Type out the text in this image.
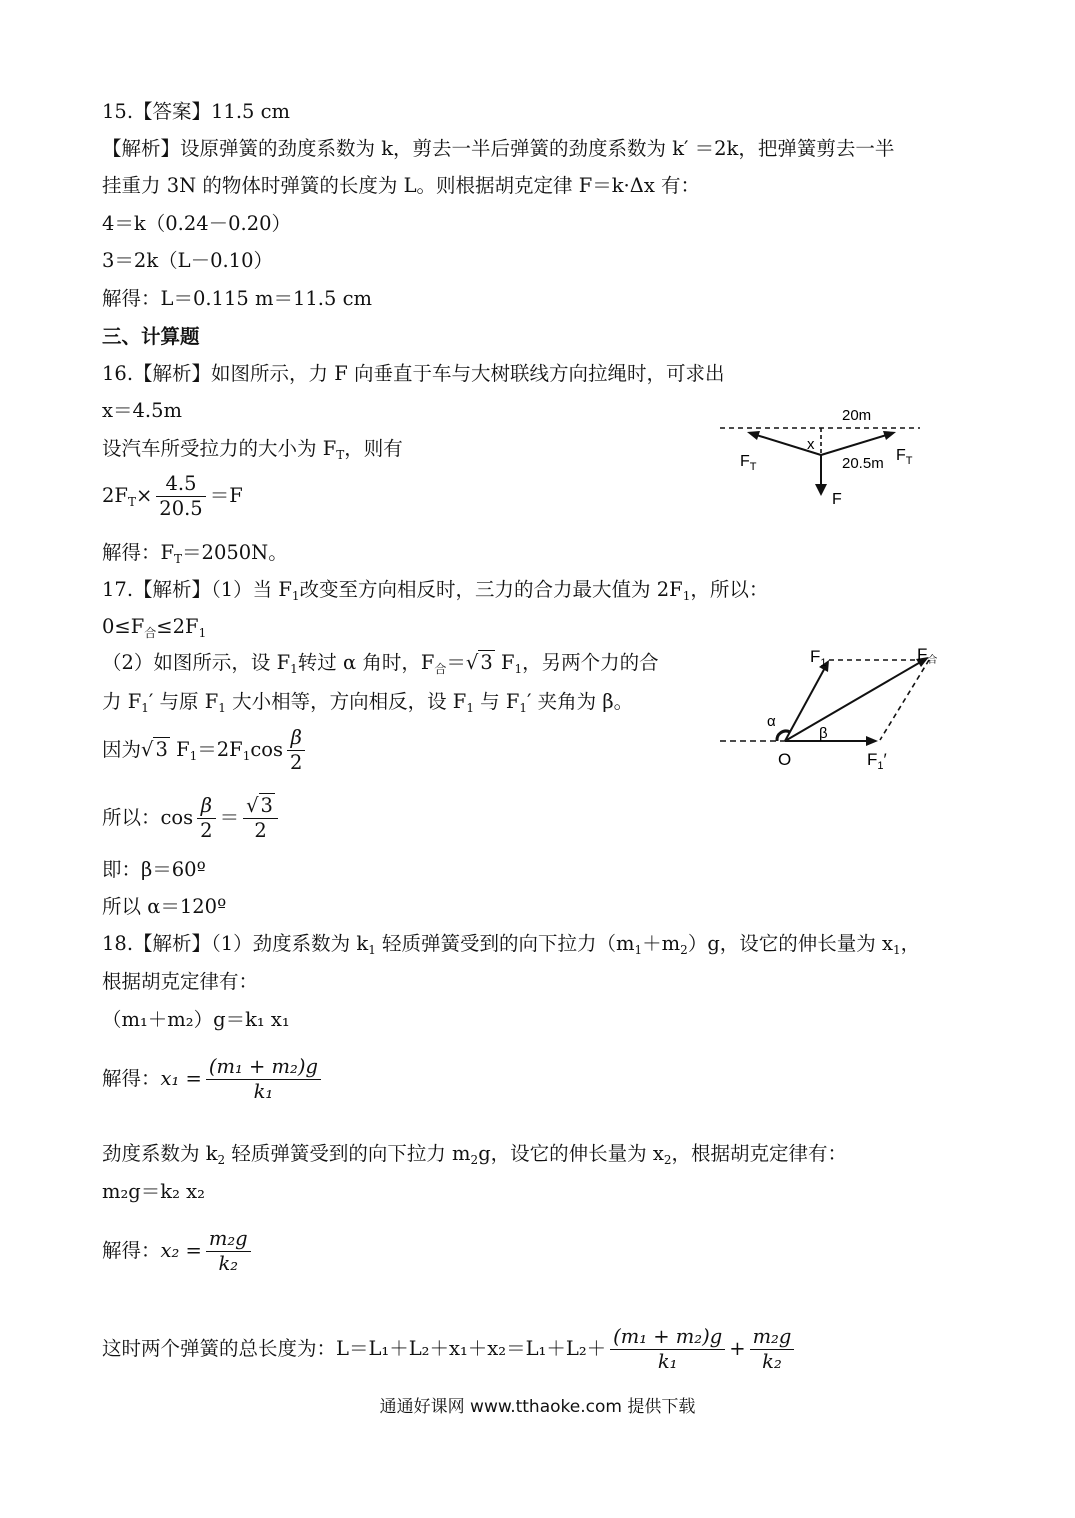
15.【答案】11.5 cm
【解析】设原弹簧的劲度系数为 k，剪去一半后弹簧的劲度系数为 k′ ＝2k，把弹簧剪去一半
挂重力 3N 的物体时弹簧的长度为 L。则根据胡克定律 F＝k·Δx 有：
4＝k（0.24－0.20）
3＝2k（L－0.10）
解得：L＝0.115 m＝11.5 cm
三、计算题
16.【解析】如图所示，力 F 向垂直于车与大树联线方向拉绳时，可求出
x＝4.5m
设汽车所受拉力的大小为 $F_T$，则有
$2F_T\times \frac{4.5}{20.5} =F$
解得：$F_T=2050N$。
20m
x
20.5m
$F_T$
$F_T$
F
17.【解析】（1）当 $F_1$改变至方向相反时，三力的合力最大值为 $2F_1$，所以：
$0\le F_合\le 2F_1$
（2）如图所示，设 $F_1$转过 α 角时，$F_合=√$ 3 $F_1$，另两个力的合
力 $F_1'$ 与原 $F_1$ 大小相等，方向相反，设 $F_1$ 与 $F_1'$ 夹角为 β。
因为√ 3 $F_1=2F_1\cos \frac{\beta}{2}$
所以：$\cos \frac{\beta}{2} = \frac{√ 3}{2}$
即：β＝60º
所以 α＝120º
$F_1$	F合
α
β
O	$F_1'$
18.【解析】（1）劲度系数为 $k_1$ 轻质弹簧受到的向下拉力$(m_1+m_2)g$，设它的伸长量为 $x_1$，
根据胡克定律有：
（m₁＋m₂）g＝k₁ x₁
解得：$x_1 = \frac{\text{(m₁ + m₂)g}}{\text{k₁}}$
劲度系数为 $k_2$ 轻质弹簧受到的向下拉力 $m_2g$，设它的伸长量为 $x_2$，根据胡克定律有：
m₂g＝k₂ x₂
解得：$x_2 = \frac{\text{m₂g}}{\text{k₂}}$
这时两个弹簧的总长度为：$L=L_1+L_2+x_1+x_2=L_1+L_2+ \frac{\text{(m₁ + m₂)g}}{\text{k₁}} + \frac{\text{m₂g}}{\text{k₂}}$
通通好课网 www.tthaoke.com 提供下载
